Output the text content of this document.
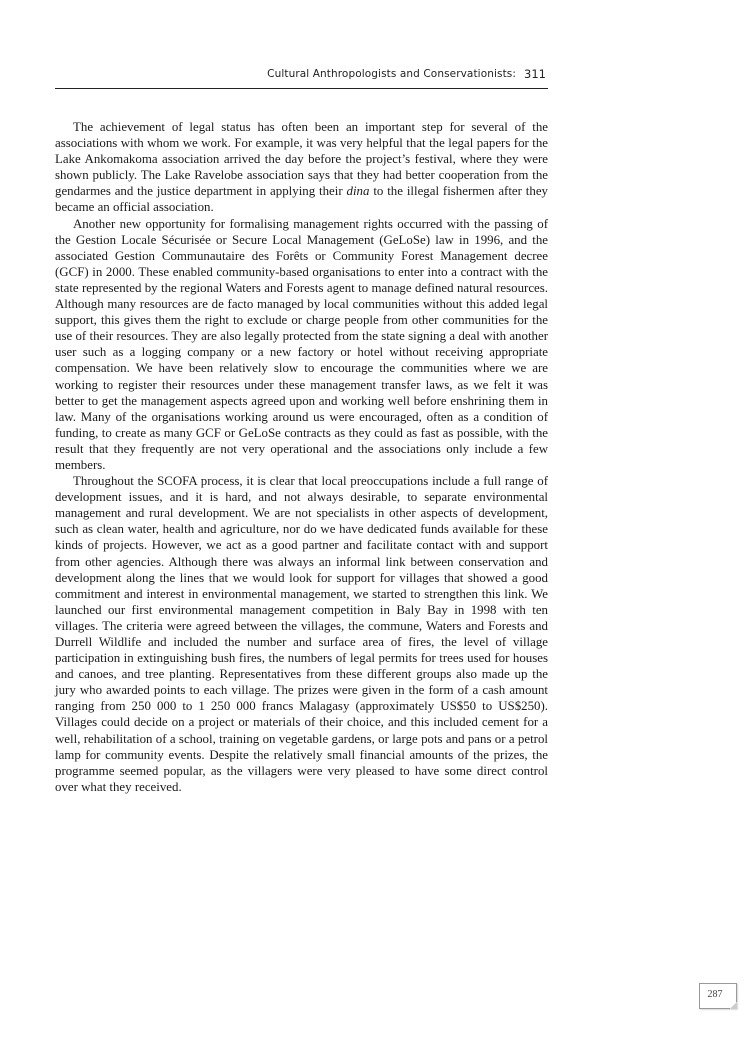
Cultural Anthropologists and Conservationists: 311

The achievement of legal status has often been an important step for several of the associations with whom we work. For example, it was very helpful that the legal papers for the Lake Ankomakoma association arrived the day before the project’s festival, where they were shown publicly. The Lake Ravelobe association says that they had better cooperation from the gendarmes and the justice department in applying their dina to the illegal fishermen after they became an official association.

Another new opportunity for formalising management rights occurred with the passing of the Gestion Locale Sécurisée or Secure Local Management (GeLoSe) law in 1996, and the associated Gestion Communautaire des Forêts or Community Forest Management decree (GCF) in 2000. These enabled community-based organisations to enter into a contract with the state represented by the regional Waters and Forests agent to manage defined natural resources. Although many resources are de facto managed by local communities without this added legal support, this gives them the right to exclude or charge people from other communities for the use of their resources. They are also legally protected from the state signing a deal with another user such as a logging company or a new factory or hotel without receiving appropriate compensation. We have been relatively slow to encourage the communities where we are working to register their resources under these management transfer laws, as we felt it was better to get the management aspects agreed upon and working well before enshrining them in law. Many of the organisations working around us were encouraged, often as a condition of funding, to create as many GCF or GeLoSe contracts as they could as fast as possible, with the result that they frequently are not very operational and the associations only include a few members.

Throughout the SCOFA process, it is clear that local preoccupations include a full range of development issues, and it is hard, and not always desirable, to separate environmental management and rural development. We are not specialists in other aspects of development, such as clean water, health and agriculture, nor do we have dedicated funds available for these kinds of projects. However, we act as a good partner and facilitate contact with and support from other agencies. Although there was always an informal link between conservation and development along the lines that we would look for support for villages that showed a good commitment and interest in environmental management, we started to strengthen this link. We launched our first environmental management competition in Baly Bay in 1998 with ten villages. The criteria were agreed between the villages, the commune, Waters and Forests and Durrell Wildlife and included the number and surface area of fires, the level of village participation in extinguishing bush fires, the numbers of legal permits for trees used for houses and canoes, and tree planting. Representatives from these different groups also made up the jury who awarded points to each village. The prizes were given in the form of a cash amount ranging from 250 000 to 1 250 000 francs Malagasy (approximately US$50 to US$250). Villages could decide on a project or materials of their choice, and this included cement for a well, rehabilitation of a school, training on vegetable gardens, or large pots and pans or a petrol lamp for community events. Despite the relatively small financial amounts of the prizes, the programme seemed popular, as the villagers were very pleased to have some direct control over what they received.

287
